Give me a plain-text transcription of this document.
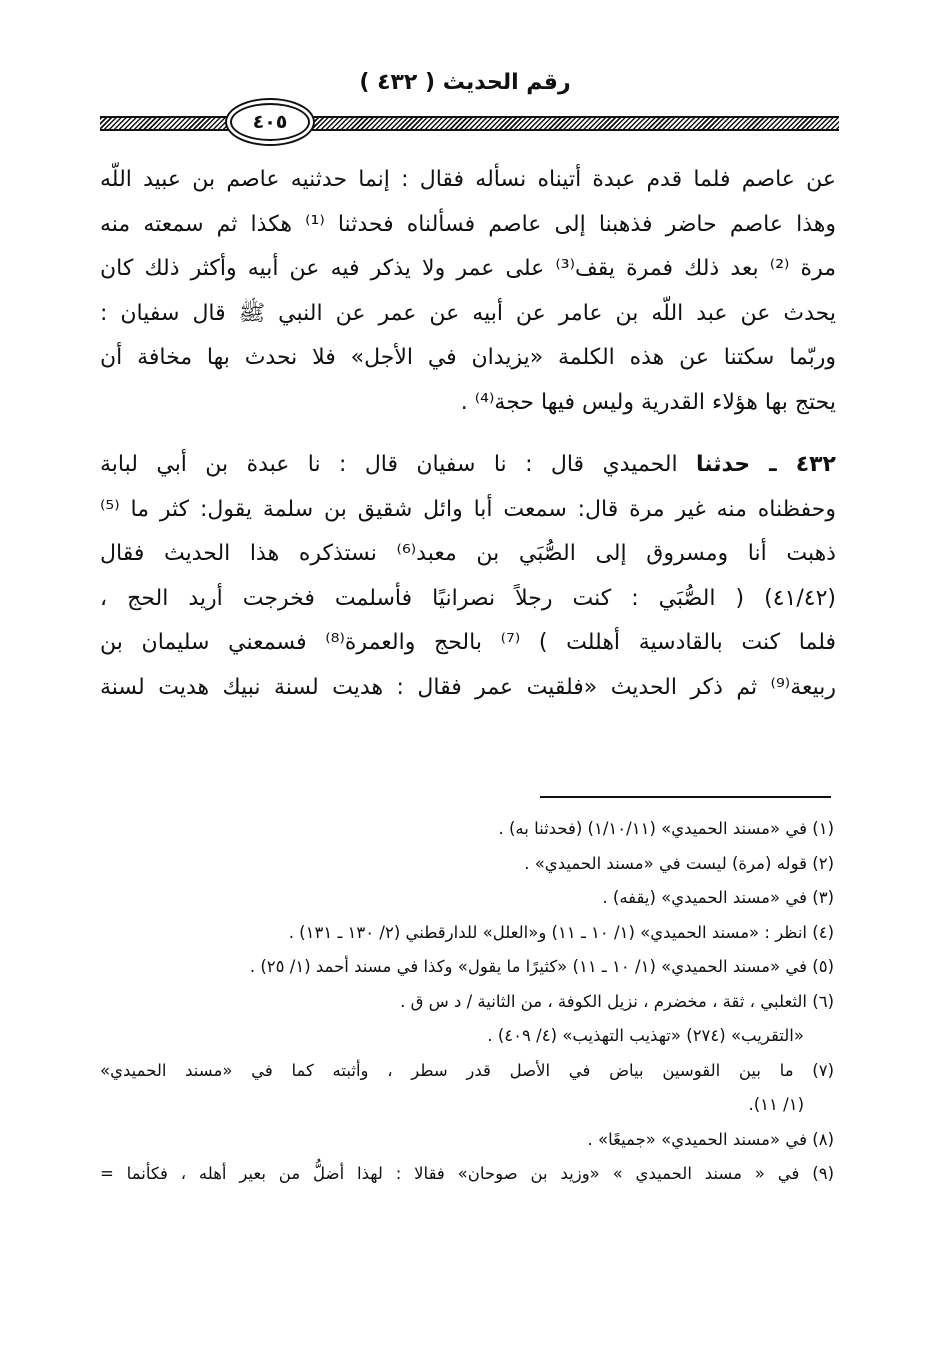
رقم الحديث ( ٤٣٢ )
٤٠٥
عن عاصم فلما قدم عبدة أتيناه نسأله فقال : إنما حدثنيه عاصم بن عبيد اللّه
وهذا عاصم حاضر فذهبنا إلى عاصم فسألناه فحدثنا ⁽¹⁾ هكذا ثم سمعته منه
مرة ⁽²⁾ بعد ذلك فمرة يقف⁽³⁾ على عمر ولا يذكر فيه عن أبيه وأكثر ذلك كان
يحدث عن عبد اللّه بن عامر عن أبيه عن عمر عن النبي ﷺ قال سفيان :
وربّما سكتنا عن هذه الكلمة «يزيدان في الأجل» فلا نحدث بها مخافة أن
يحتج بها هؤلاء القدرية وليس فيها حجة⁽⁴⁾ .
٤٣٢ ـ حدثنا الحميدي قال : نا سفيان قال : نا عبدة بن أبي لبابة
وحفظناه منه غير مرة قال: سمعت أبا وائل شقيق بن سلمة يقول: كثر ما ⁽⁵⁾
ذهبت أنا ومسروق إلى الصُّبَي بن معبد⁽⁶⁾ نستذكره هذا الحديث فقال
(٤١/٤٢) ( الصُّبَي : كنت رجلاً نصرانيًا فأسلمت فخرجت أريد الحج ،
فلما كنت بالقادسية أهللت ) ⁽⁷⁾ بالحج والعمرة⁽⁸⁾ فسمعني سليمان بن
ربيعة⁽⁹⁾ ثم ذكر الحديث «فلقيت عمر فقال : هديت لسنة نبيك هديت لسنة
(١) في «مسند الحميدي» (١/١٠/١١) (فحدثنا به) .
(٢) قوله (مرة) ليست في «مسند الحميدي» .
(٣) في «مسند الحميدي» (يقفه) .
(٤) انظر : «مسند الحميدي» (١/ ١٠ ـ ١١) و«العلل» للدارقطني (٢/ ١٣٠ ـ ١٣١) .
(٥) في «مسند الحميدي» (١/ ١٠ ـ ١١) «كثيرًا ما يقول» وكذا في مسند أحمد (١/ ٢٥) .
(٦) الثعلبي ، ثقة ، مخضرم ، نزيل الكوفة ، من الثانية / د س ق .
«التقريب» (٢٧٤) «تهذيب التهذيب» (٤/ ٤٠٩) .
(٧) ما بين القوسين بياض في الأصل قدر سطر ، وأثبته كما في «مسند الحميدي»
(١/ ١١).
(٨) في «مسند الحميدي» «جميعًا» .
(٩) في « مسند الحميدي » «وزيد بن صوحان» فقالا : لهذا أضلُّ من بعير أهله ، فكأنما =
